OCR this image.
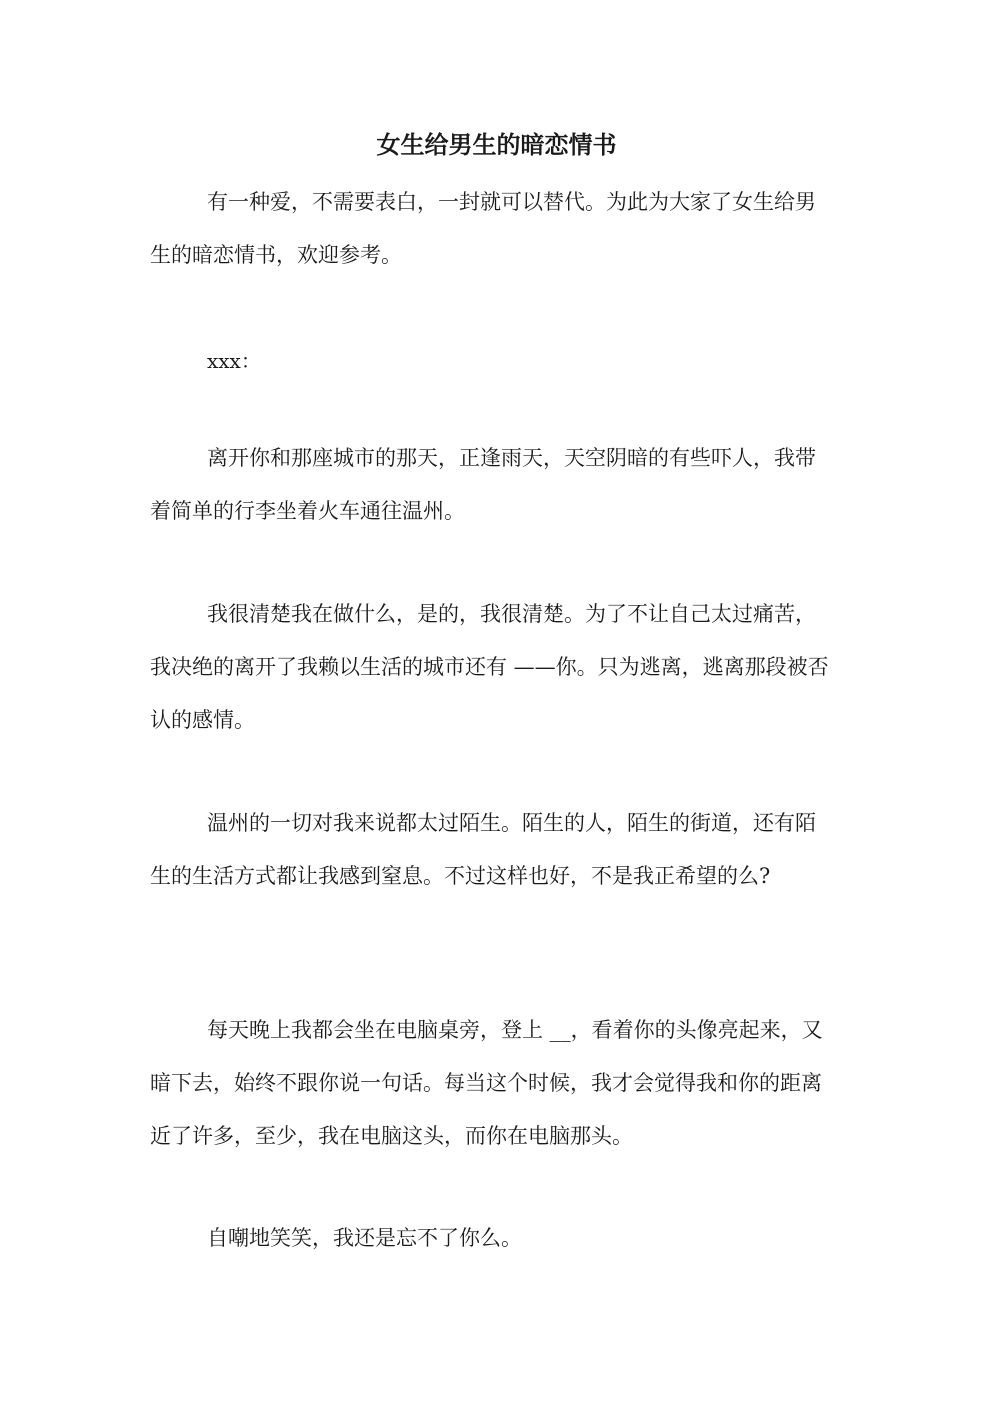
女生给男生的暗恋情书

有一种爱，不需要表白，一封就可以替代。为此为大家了女生给男生的暗恋情书，欢迎参考。

xxx：

离开你和那座城市的那天，正逢雨天，天空阴暗的有些吓人，我带着简单的行李坐着火车通往温州。

我很清楚我在做什么，是的，我很清楚。为了不让自己太过痛苦，我决绝的离开了我赖以生活的城市还有 ——你。只为逃离，逃离那段被否认的感情。

温州的一切对我来说都太过陌生。陌生的人，陌生的街道，还有陌生的生活方式都让我感到窒息。不过这样也好，不是我正希望的么?

每天晚上我都会坐在电脑桌旁，登上 __，看着你的头像亮起来，又暗下去，始终不跟你说一句话。每当这个时候，我才会觉得我和你的距离近了许多，至少，我在电脑这头，而你在电脑那头。

自嘲地笑笑，我还是忘不了你么。
